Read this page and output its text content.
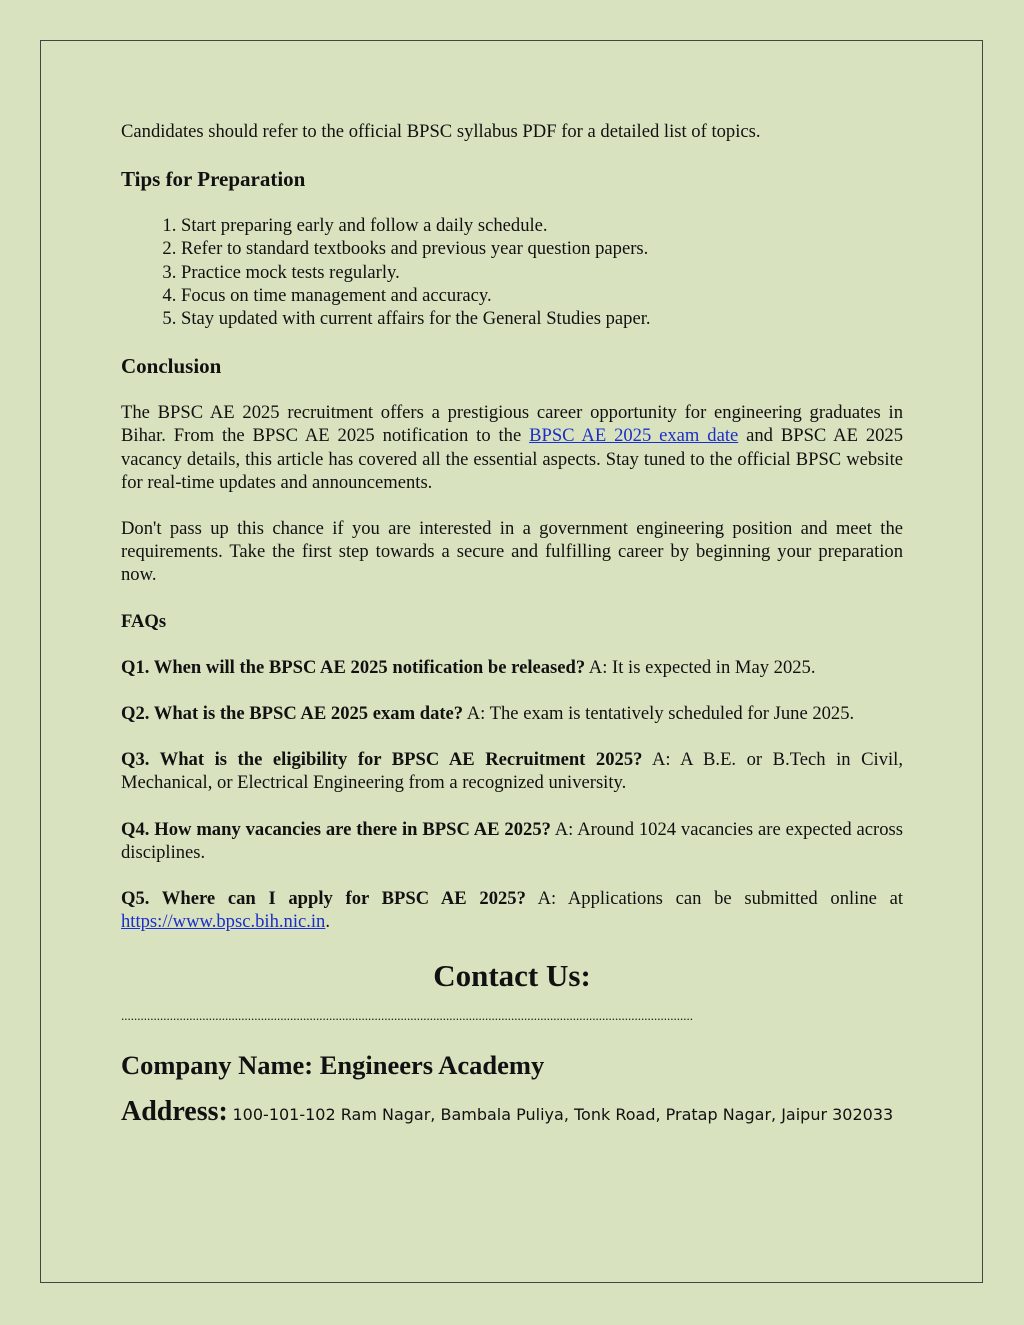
Candidates should refer to the official BPSC syllabus PDF for a detailed list of topics.

Tips for Preparation
1. Start preparing early and follow a daily schedule.
2. Refer to standard textbooks and previous year question papers.
3. Practice mock tests regularly.
4. Focus on time management and accuracy.
5. Stay updated with current affairs for the General Studies paper.
Conclusion

The BPSC AE 2025 recruitment offers a prestigious career opportunity for engineering graduates in Bihar. From the BPSC AE 2025 notification to the BPSC AE 2025 exam date and BPSC AE 2025 vacancy details, this article has covered all the essential aspects. Stay tuned to the official BPSC website for real-time updates and announcements.

Don't pass up this chance if you are interested in a government engineering position and meet the requirements. Take the first step towards a secure and fulfilling career by beginning your preparation now.

FAQs

Q1. When will the BPSC AE 2025 notification be released? A: It is expected in May 2025.

Q2. What is the BPSC AE 2025 exam date? A: The exam is tentatively scheduled for June 2025.

Q3. What is the eligibility for BPSC AE Recruitment 2025? A: A B.E. or B.Tech in Civil, Mechanical, or Electrical Engineering from a recognized university.

Q4. How many vacancies are there in BPSC AE 2025? A: Around 1024 vacancies are expected across disciplines.

Q5. Where can I apply for BPSC AE 2025? A: Applications can be submitted online at https://www.bpsc.bih.nic.in.

Contact Us:
................................................................................................................................................................................
Company Name: Engineers Academy

Address: 100-101-102 Ram Nagar, Bambala Puliya, Tonk Road, Pratap Nagar, Jaipur 302033
